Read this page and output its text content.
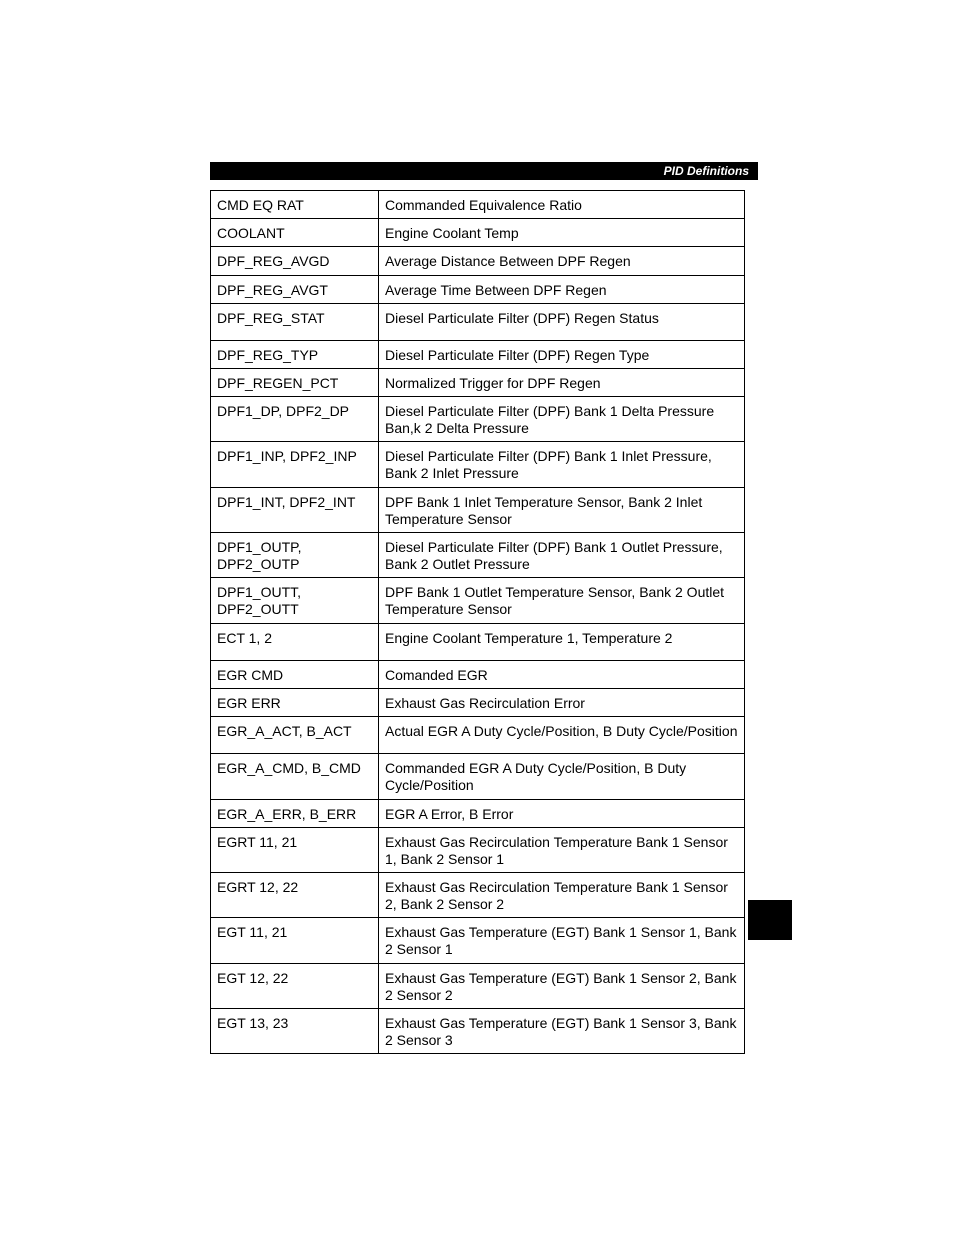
PID Definitions
CMD EQ RAT	Commanded Equivalence Ratio
COOLANT	Engine Coolant Temp
DPF_REG_AVGD	Average Distance Between DPF Regen
DPF_REG_AVGT	Average Time Between DPF Regen
DPF_REG_STAT	Diesel Particulate Filter (DPF) Regen Status
DPF_REG_TYP	Diesel Particulate Filter (DPF) Regen Type
DPF_REGEN_PCT	Normalized Trigger for DPF Regen
DPF1_DP, DPF2_DP	Diesel Particulate Filter (DPF) Bank 1 Delta Pressure Ban,k 2 Delta Pressure
DPF1_INP, DPF2_INP	Diesel Particulate Filter (DPF) Bank 1 Inlet Pressure, Bank 2 Inlet Pressure
DPF1_INT, DPF2_INT	DPF Bank 1 Inlet Temperature Sensor, Bank 2 Inlet Temperature Sensor
DPF1_OUTP, DPF2_OUTP	Diesel Particulate Filter (DPF) Bank 1 Outlet Pressure, Bank 2 Outlet Pressure
DPF1_OUTT, DPF2_OUTT	DPF Bank 1 Outlet Temperature Sensor, Bank 2 Outlet Temperature Sensor
ECT 1, 2	Engine Coolant Temperature 1, Temperature 2
EGR CMD	Comanded EGR
EGR ERR	Exhaust Gas Recirculation Error
EGR_A_ACT, B_ACT	Actual EGR A Duty Cycle/Position, B Duty Cycle/Position
EGR_A_CMD, B_CMD	Commanded EGR A Duty Cycle/Position, B Duty Cycle/Position
EGR_A_ERR, B_ERR	EGR A Error, B Error
EGRT 11, 21	Exhaust Gas Recirculation Temperature Bank 1 Sensor 1, Bank 2 Sensor 1
EGRT 12, 22	Exhaust Gas Recirculation Temperature Bank 1 Sensor 2, Bank 2 Sensor 2
EGT 11, 21	Exhaust Gas Temperature (EGT) Bank 1 Sensor 1, Bank 2 Sensor 1
EGT 12, 22	Exhaust Gas Temperature (EGT) Bank 1 Sensor 2, Bank 2 Sensor 2
EGT 13, 23	Exhaust Gas Temperature (EGT) Bank 1 Sensor 3, Bank 2 Sensor 3
